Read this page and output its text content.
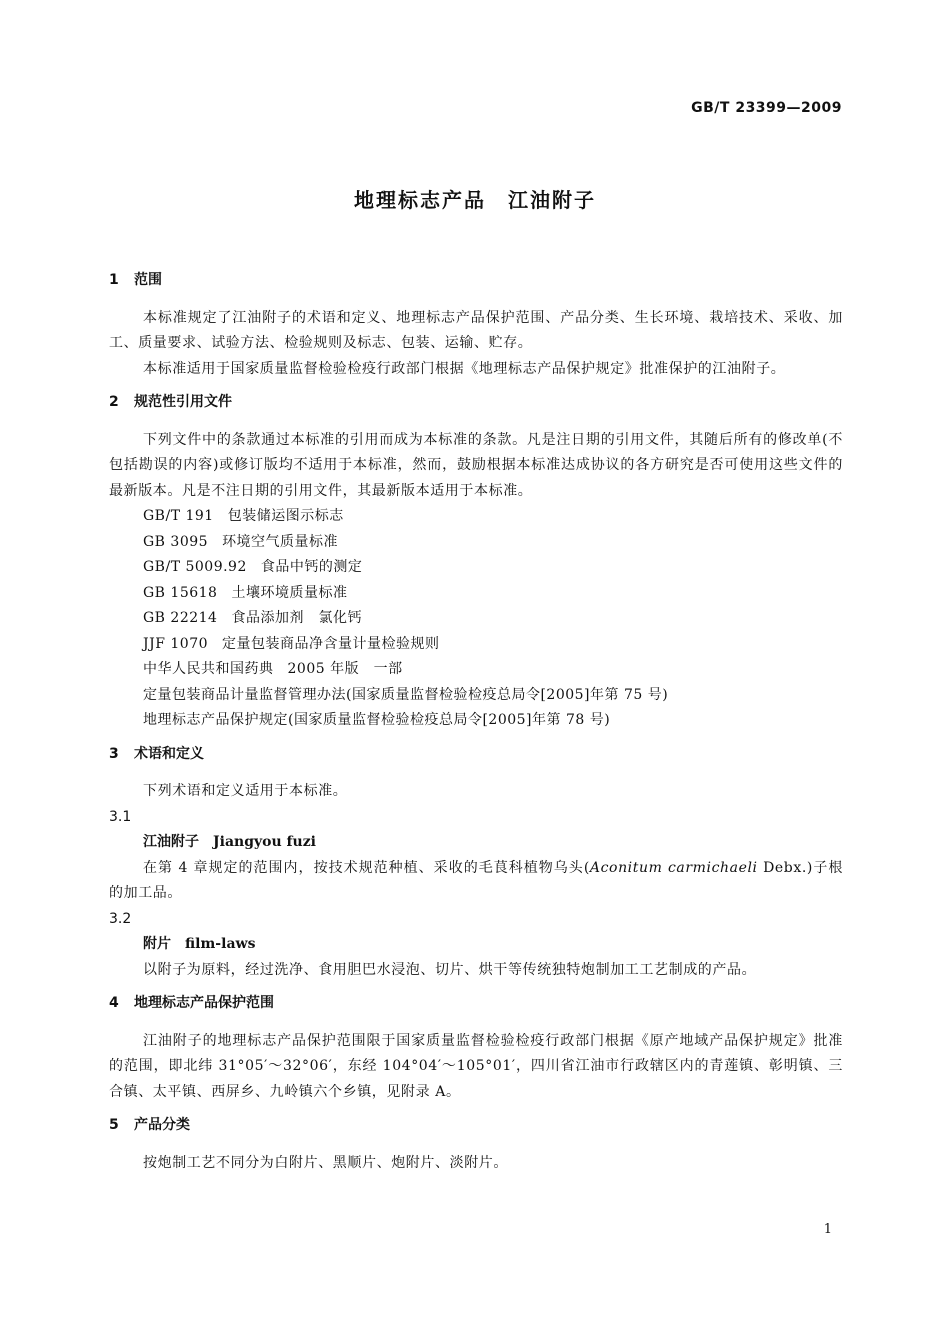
GB/T 23399—2009
地理标志产品　江油附子

1 范围

本标准规定了江油附子的术语和定义、地理标志产品保护范围、产品分类、生长环境、栽培技术、采收、加工、质量要求、试验方法、检验规则及标志、包装、运输、贮存。

本标准适用于国家质量监督检验检疫行政部门根据《地理标志产品保护规定》批准保护的江油附子。

2 规范性引用文件

下列文件中的条款通过本标准的引用而成为本标准的条款。凡是注日期的引用文件，其随后所有的修改单(不包括勘误的内容)或修订版均不适用于本标准，然而，鼓励根据本标准达成协议的各方研究是否可使用这些文件的最新版本。凡是不注日期的引用文件，其最新版本适用于本标准。

GB/T 191 包装储运图示标志

GB 3095 环境空气质量标准

GB/T 5009.92 食品中钙的测定

GB 15618 土壤环境质量标准

GB 22214 食品添加剂　氯化钙

JJF 1070 定量包装商品净含量计量检验规则

中华人民共和国药典 2005 年版　一部

定量包装商品计量监督管理办法(国家质量监督检验检疫总局令[2005]年第 75 号)

地理标志产品保护规定(国家质量监督检验检疫总局令[2005]年第 78 号)

3 术语和定义

下列术语和定义适用于本标准。

3.1

江油附子 Jiangyou fuzi

在第 4 章规定的范围内，按技术规范种植、采收的毛茛科植物乌头(Aconitum carmichaeli Debx.)子根的加工品。

3.2

附片 film-laws

以附子为原料，经过洗净、食用胆巴水浸泡、切片、烘干等传统独特炮制加工工艺制成的产品。

4 地理标志产品保护范围

江油附子的地理标志产品保护范围限于国家质量监督检验检疫行政部门根据《原产地域产品保护规定》批准的范围，即北纬 31°05′～32°06′，东经 104°04′～105°01′，四川省江油市行政辖区内的青莲镇、彰明镇、三合镇、太平镇、西屏乡、九岭镇六个乡镇，见附录 A。

5 产品分类

按炮制工艺不同分为白附片、黑顺片、炮附片、淡附片。

1
